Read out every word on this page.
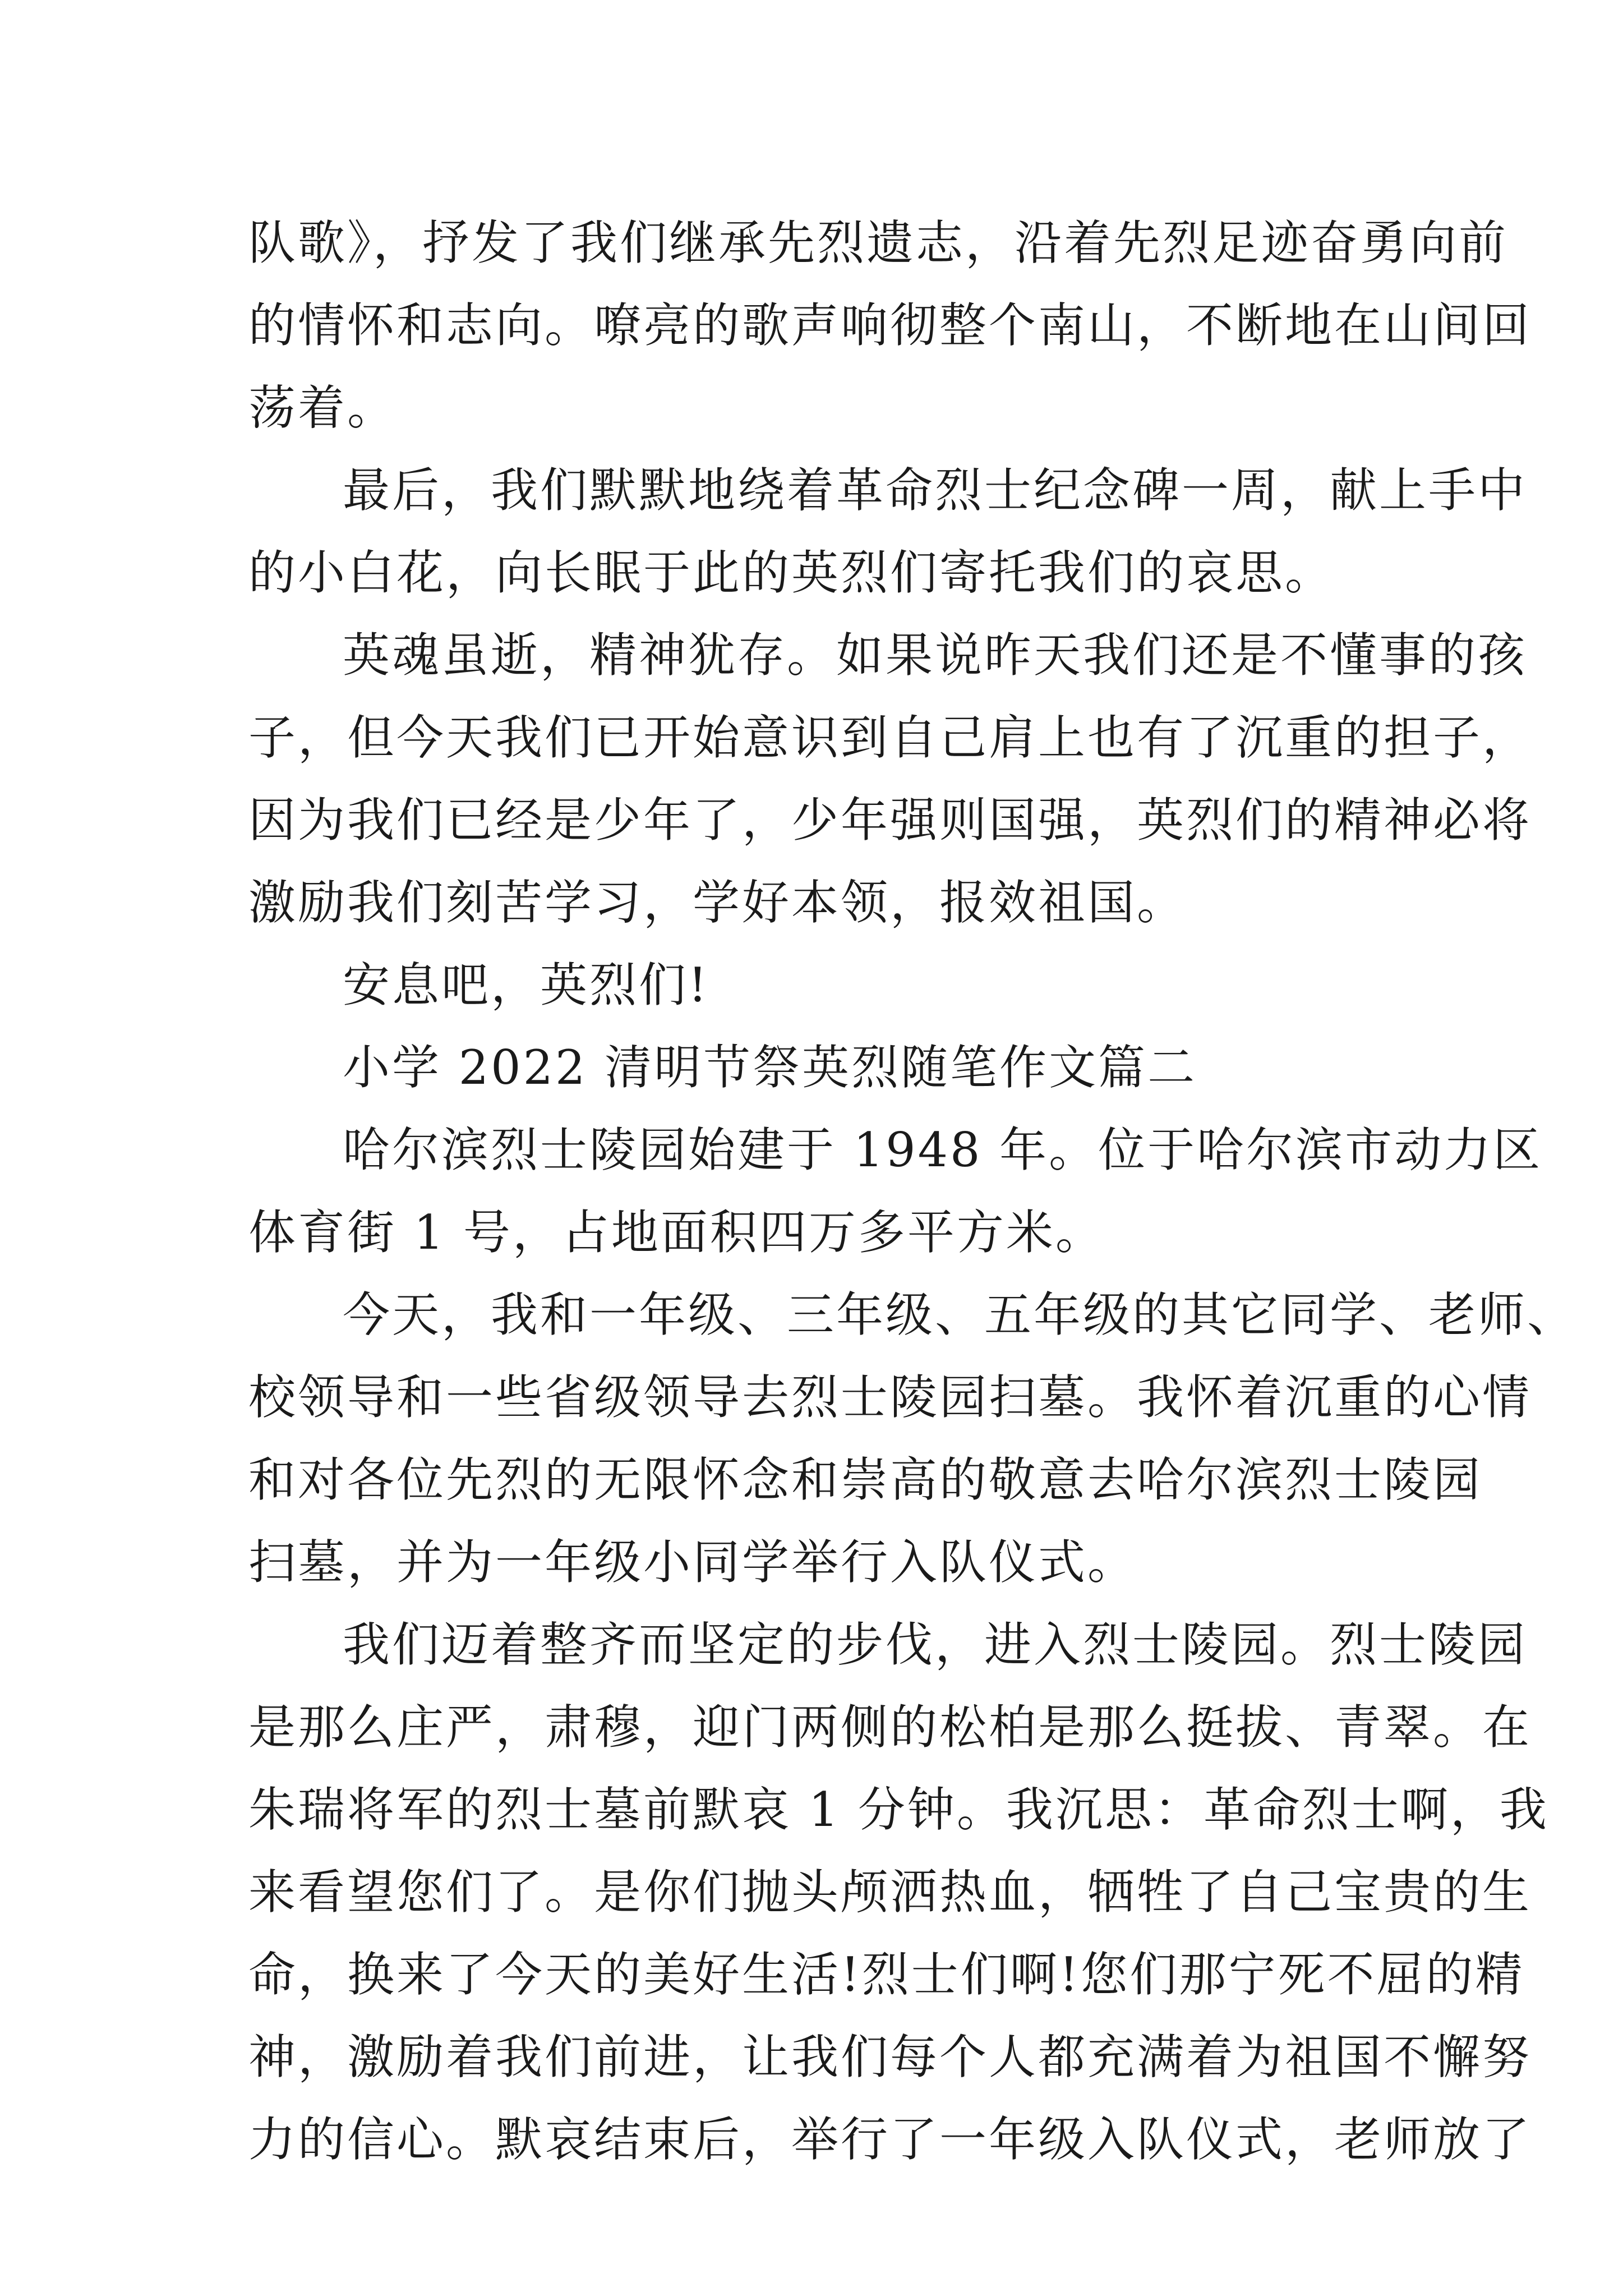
队歌》，抒发了我们继承先烈遗志，沿着先烈足迹奋勇向前
的情怀和志向。嘹亮的歌声响彻整个南山，不断地在山间回
荡着。
最后，我们默默地绕着革命烈士纪念碑一周，献上手中
的小白花，向长眠于此的英烈们寄托我们的哀思。
英魂虽逝，精神犹存。如果说昨天我们还是不懂事的孩
子，但今天我们已开始意识到自己肩上也有了沉重的担子，
因为我们已经是少年了，少年强则国强，英烈们的精神必将
激励我们刻苦学习，学好本领，报效祖国。
安息吧，英烈们!
小学 2022 清明节祭英烈随笔作文篇二
哈尔滨烈士陵园始建于 1948 年。位于哈尔滨市动力区
体育街 1 号，占地面积四万多平方米。
今天，我和一年级、三年级、五年级的其它同学、老师、
校领导和一些省级领导去烈士陵园扫墓。我怀着沉重的心情
和对各位先烈的无限怀念和崇高的敬意去哈尔滨烈士陵园
扫墓，并为一年级小同学举行入队仪式。
我们迈着整齐而坚定的步伐，进入烈士陵园。烈士陵园
是那么庄严，肃穆，迎门两侧的松柏是那么挺拔、青翠。在
朱瑞将军的烈士墓前默哀 1 分钟。我沉思：革命烈士啊，我
来看望您们了。是你们抛头颅洒热血，牺牲了自己宝贵的生
命，换来了今天的美好生活!烈士们啊!您们那宁死不屈的精
神，激励着我们前进，让我们每个人都充满着为祖国不懈努
力的信心。默哀结束后，举行了一年级入队仪式，老师放了
